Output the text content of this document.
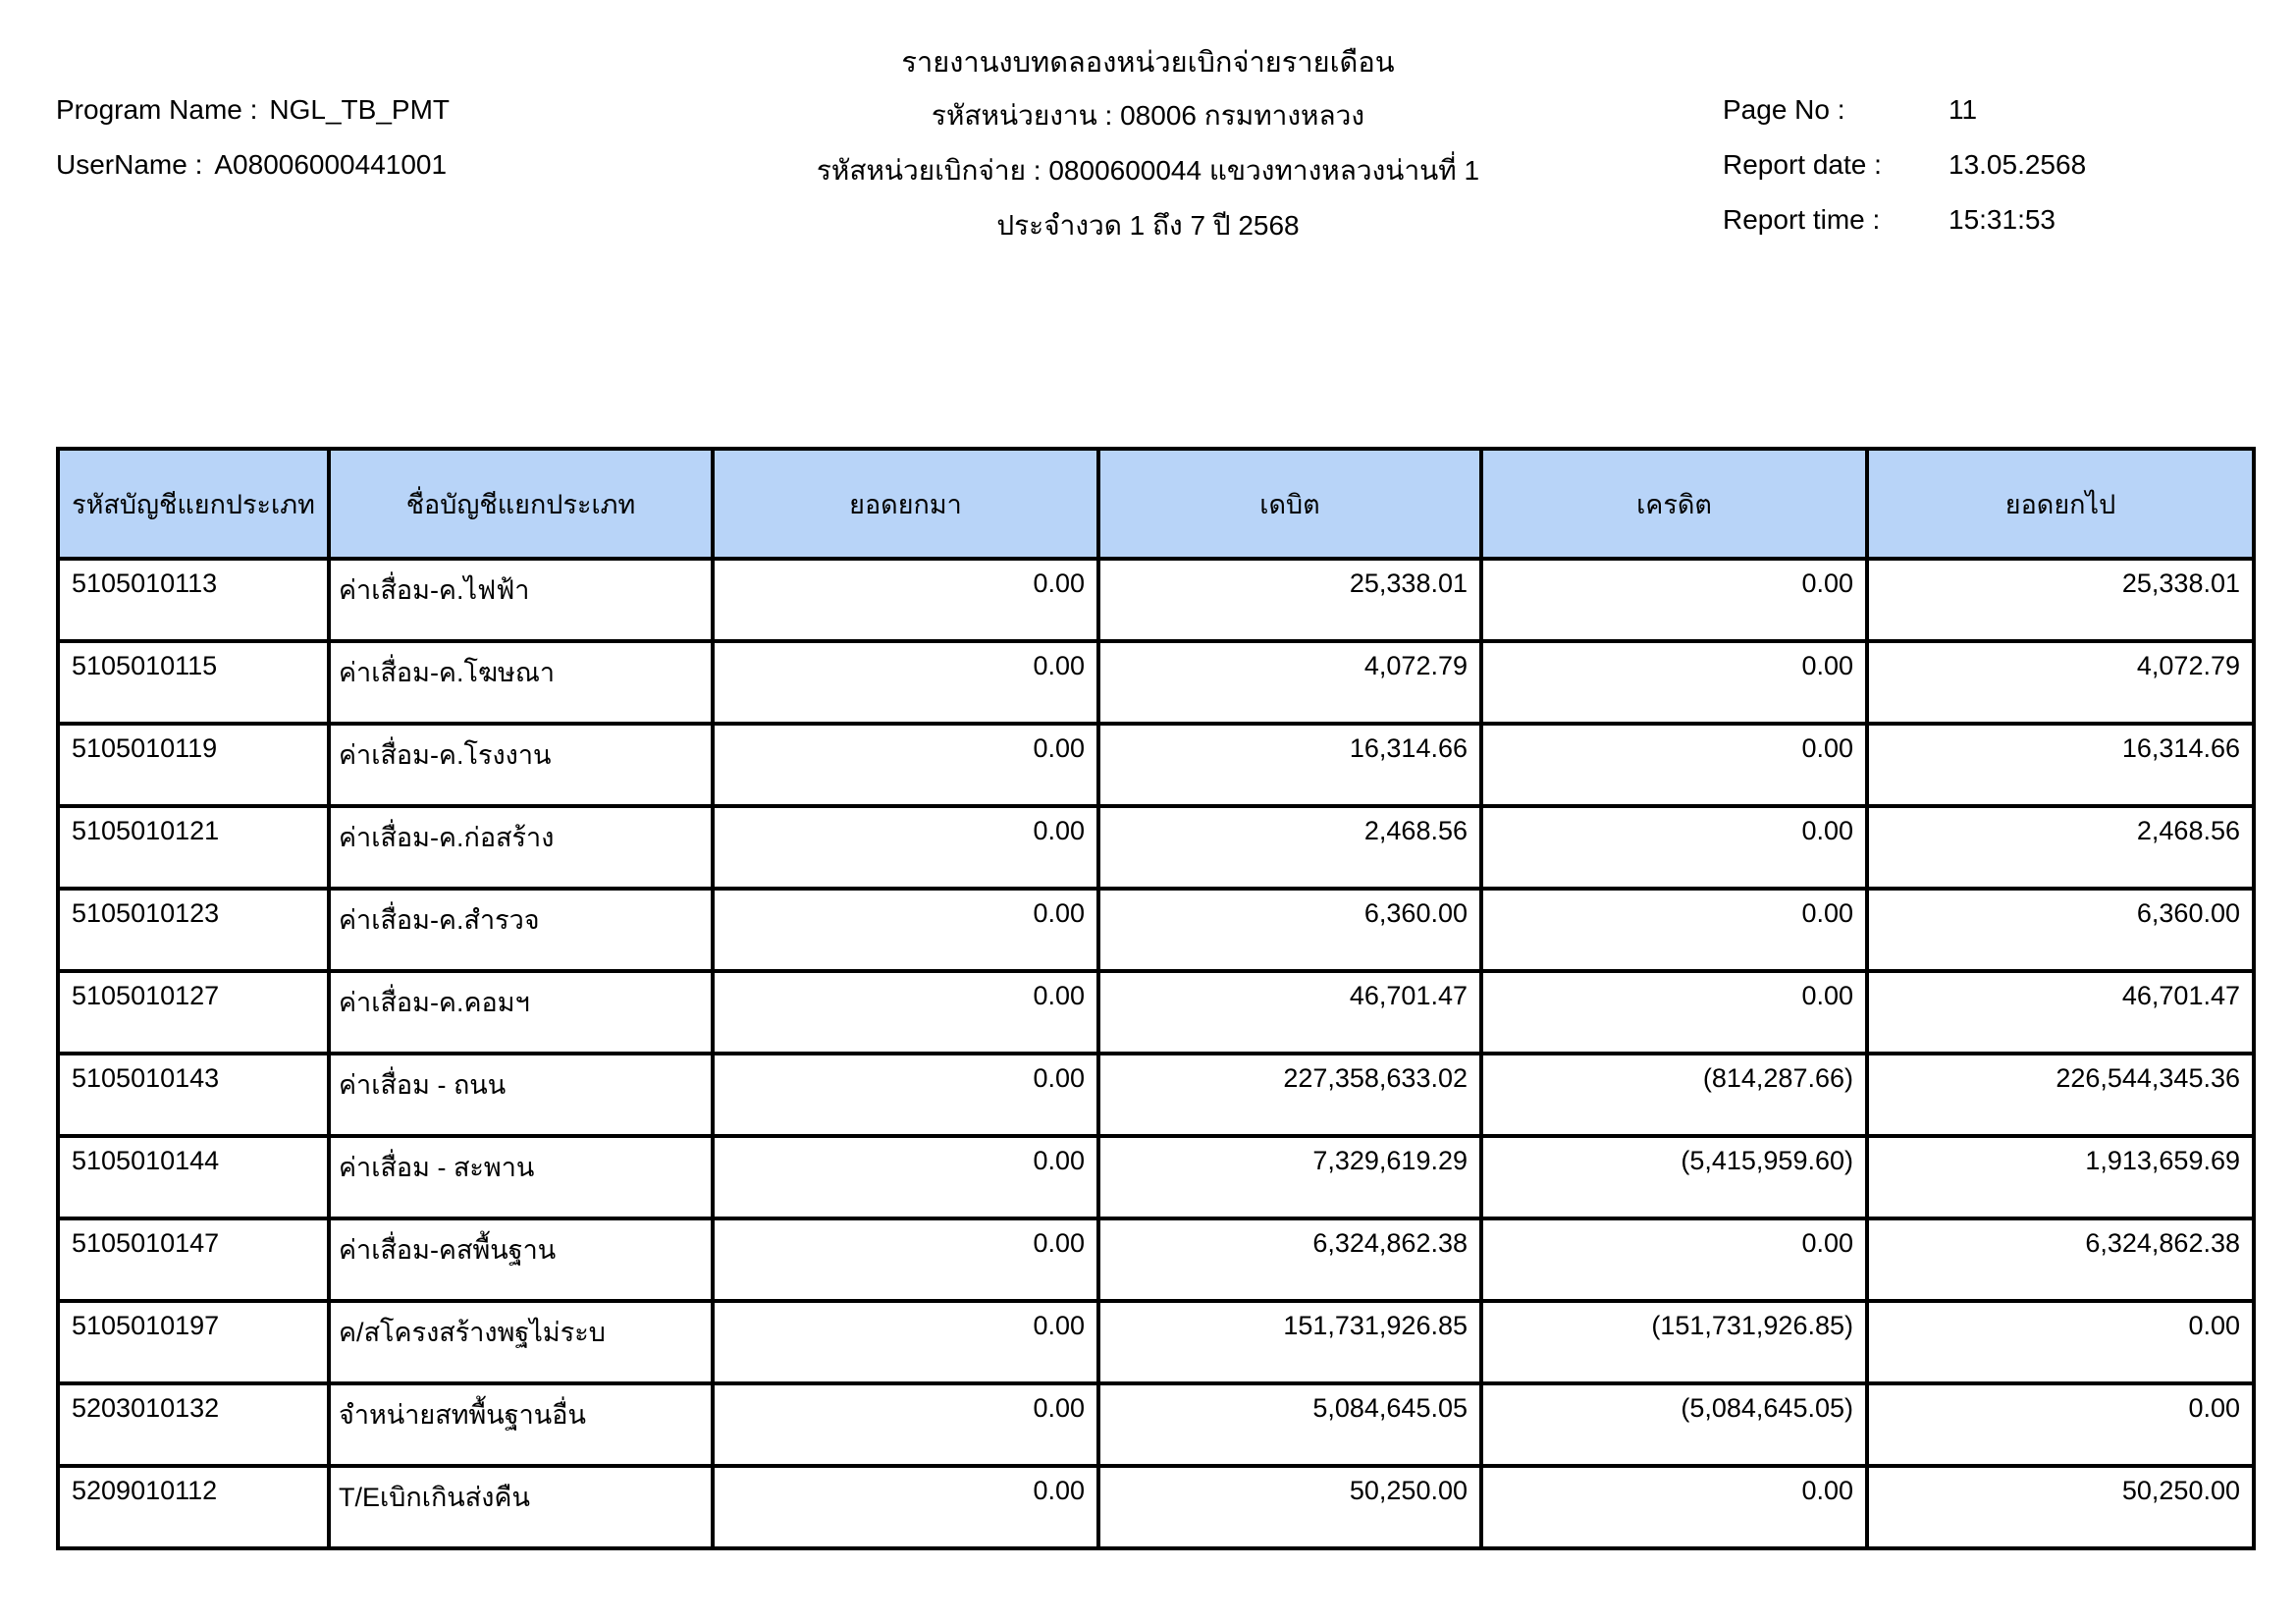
รายงานงบทดลองหน่วยเบิกจ่ายรายเดือน
Program Name : NGL_TB_PMT
UserName : A08006000441001
รหัสหน่วยงาน : 08006 กรมทางหลวง
รหัสหน่วยเบิกจ่าย : 0800600044 แขวงทางหลวงน่านที่ 1
ประจำงวด 1 ถึง 7 ปี 2568
Page No :	11
Report date : 13.05.2568
Report time : 15:31:53
รหัสบัญชีแยกประเภท	ชื่อบัญชีแยกประเภท	ยอดยกมา	เดบิต	เครดิต	ยอดยกไป
5105010113	ค่าเสื่อม-ค.ไฟฟ้า	0.00	25,338.01	0.00	25,338.01
5105010115	ค่าเสื่อม-ค.โฆษณา	0.00	4,072.79	0.00	4,072.79
5105010119	ค่าเสื่อม-ค.โรงงาน	0.00	16,314.66	0.00	16,314.66
5105010121	ค่าเสื่อม-ค.ก่อสร้าง	0.00	2,468.56	0.00	2,468.56
5105010123	ค่าเสื่อม-ค.สำรวจ	0.00	6,360.00	0.00	6,360.00
5105010127	ค่าเสื่อม-ค.คอมฯ	0.00	46,701.47	0.00	46,701.47
5105010143	ค่าเสื่อม - ถนน	0.00	227,358,633.02	(814,287.66)	226,544,345.36
5105010144	ค่าเสื่อม - สะพาน	0.00	7,329,619.29	(5,415,959.60)	1,913,659.69
5105010147	ค่าเสื่อม-คสพื้นฐาน	0.00	6,324,862.38	0.00	6,324,862.38
5105010197	ค/สโครงสร้างพฐไม่ระบ	0.00	151,731,926.85	(151,731,926.85)	0.00
5203010132	จำหน่ายสทพื้นฐานอื่น	0.00	5,084,645.05	(5,084,645.05)	0.00
5209010112	T/Eเบิกเกินส่งคืน	0.00	50,250.00	0.00	50,250.00
